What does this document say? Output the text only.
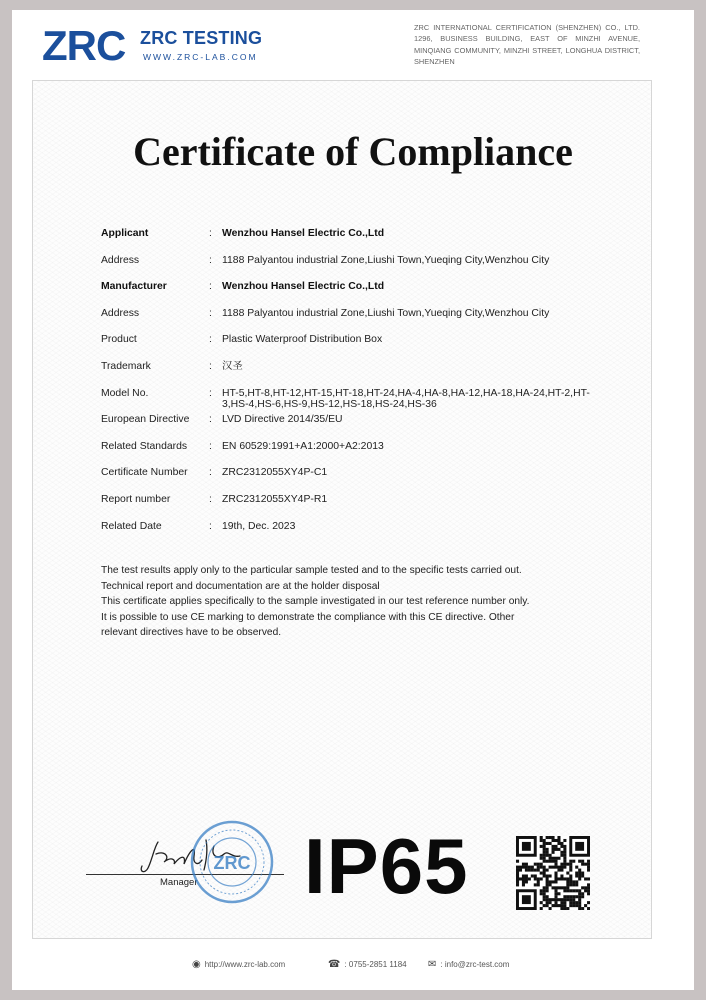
ZRC ZRC TESTING
WWW.ZRC-LAB.COM
ZRC INTERNATIONAL CERTIFICATION (SHENZHEN) CO., LTD. 1296, BUSINESS BUILDING, EAST OF MINZHI AVENUE, MINQIANG COMMUNITY, MINZHI STREET, LONGHUA DISTRICT, SHENZHEN
Certificate of Compliance
Applicant	: Wenzhou Hansel Electric Co.,Ltd
Address	: 1188 Palyantou industrial Zone,Liushi Town,Yueqing City,Wenzhou City
Manufacturer	: Wenzhou Hansel Electric Co.,Ltd
Address	: 1188 Palyantou industrial Zone,Liushi Town,Yueqing City,Wenzhou City
Product	: Plastic Waterproof Distribution Box
Trademark	: 汉圣
Model No.	: HT-5,HT-8,HT-12,HT-15,HT-18,HT-24,HA-4,HA-8,HA-12,HA-18,HA-24,HT-2,HT-3,HS-4,HS-6,HS-9,HS-12,HS-18,HS-24,HS-36
European Directive	: LVD Directive 2014/35/EU
Related Standards	: EN 60529:1991+A1:2000+A2:2013
Certificate Number	: ZRC2312055XY4P-C1
Report number	: ZRC2312055XY4P-R1
Related Date	: 19th, Dec. 2023

The test results apply only to the particular sample tested and to the specific tests carried out.

Technical report and documentation are at the holder disposal

This certificate applies specifically to the sample investigated in our test reference number only.

It is possible to use CE marking to demonstrate the compliance with this CE directive. Other

relevant directives have to be observed.

Manager
ZRC IP65
◉ http://www.zrc-lab.com	☎ : 0755-2851 1184 ✉ : info@zrc-test.com
